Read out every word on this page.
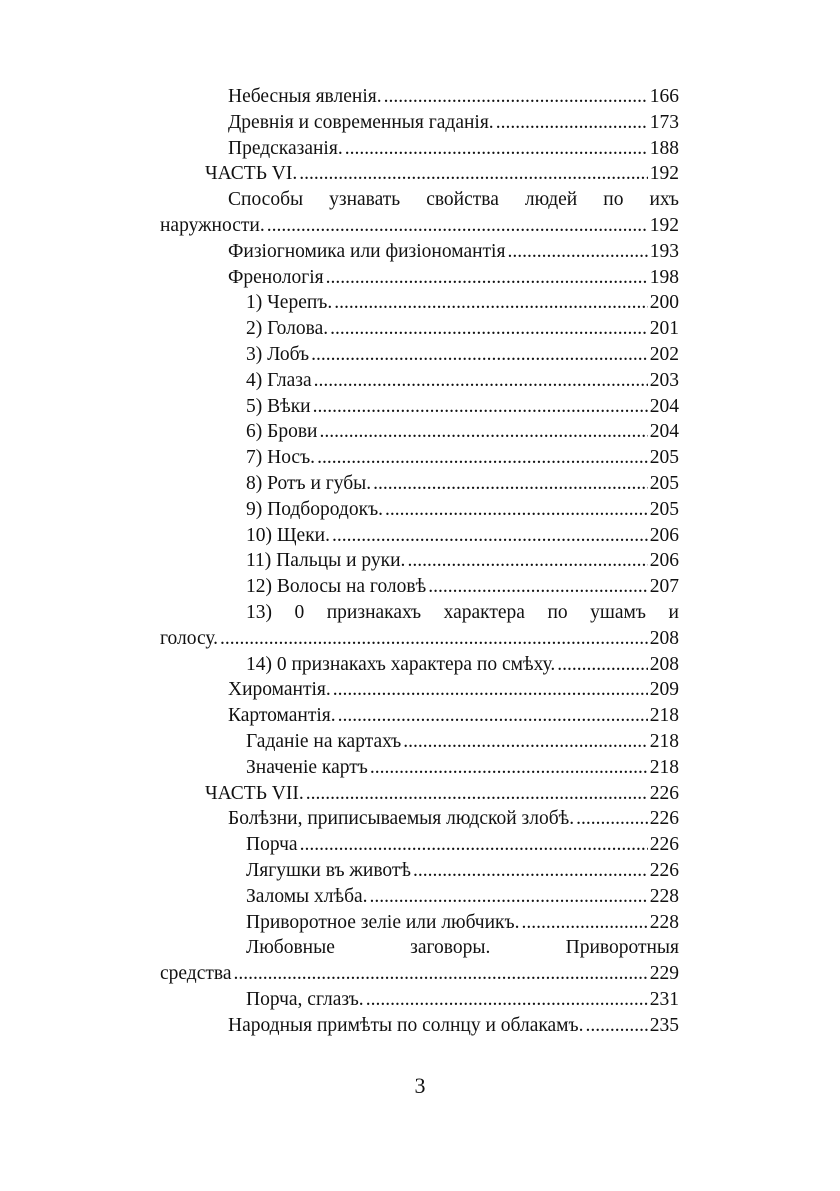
Небесныя явленія. .....	166
Древнія и современныя гаданія. .....	173
Предсказанія. .....	188
ЧАСТЬ VI. .....	192
Способы узнавать свойства людей по ихъ
наружности. .....	192
Физіогномика или физіономантія .....	193
Френологія .....	198
1) Черепъ. .....	200
2) Голова. .....	201
3) Лобъ .....	202
4) Глаза .....	203
5) Вѣки .....	204
6) Брови .....	204
7) Носъ. .....	205
8) Ротъ и губы. .....	205
9) Подбородокъ. .....	205
10) Щеки. .....	206
11) Пальцы и руки. .....	206
12) Волосы на головѣ .....	207
13) 0 признакахъ характера по ушамъ и
голосу. .....	208
14) 0 признакахъ характера по смѣху. .....	208
Хиромантія. .....	209
Картомантія. .....	218
Гаданіе на картахъ .....	218
Значеніе картъ .....	218
ЧАСТЬ VII. .....	226
Болѣзни, приписываемыя людской злобѣ. .....	226
Порча .....	226
Лягушки въ животѣ .....	226
Заломы хлѣба. .....	228
Приворотное зеліе или любчикъ. .....	228
Любовные	заговоры.	Приворотныя
средства .....	229
Порча, сглазъ. .....	231
Народныя примѣты по солнцу и облакамъ. .....	235
3
